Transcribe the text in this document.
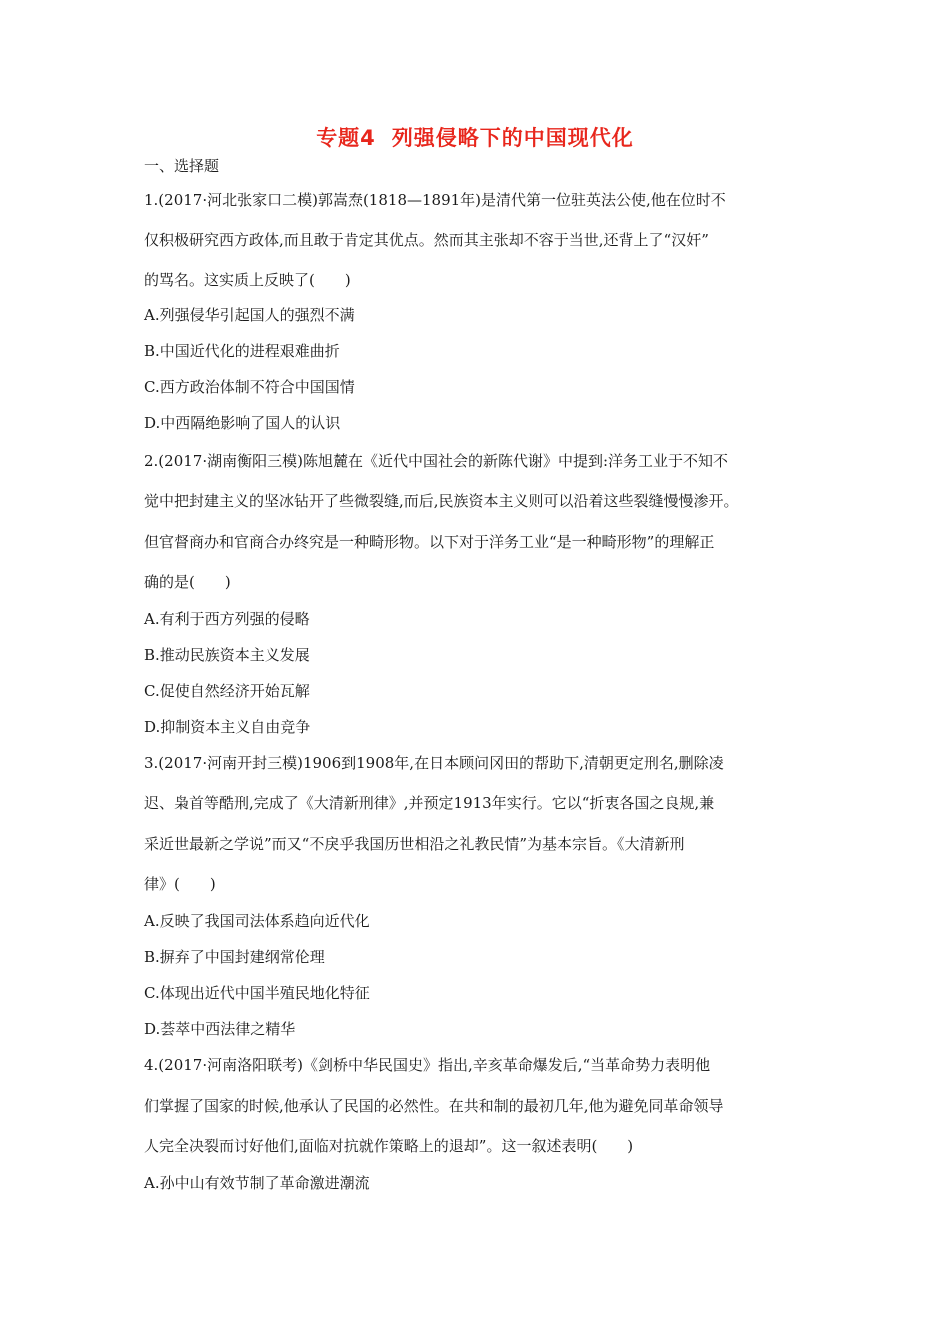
专题4 列强侵略下的中国现代化
一、选择题
1.(2017·河北张家口二模)郭嵩焘(1818—1891年)是清代第一位驻英法公使,他在位时不
仅积极研究西方政体,而且敢于肯定其优点。然而其主张却不容于当世,还背上了“汉奸”
的骂名。这实质上反映了(　　)
A.列强侵华引起国人的强烈不满
B.中国近代化的进程艰难曲折
C.西方政治体制不符合中国国情
D.中西隔绝影响了国人的认识
2.(2017·湖南衡阳三模)陈旭麓在《近代中国社会的新陈代谢》中提到:洋务工业于不知不
觉中把封建主义的坚冰钻开了些微裂缝,而后,民族资本主义则可以沿着这些裂缝慢慢渗开。
但官督商办和官商合办终究是一种畸形物。以下对于洋务工业“是一种畸形物”的理解正
确的是(　　)
A.有利于西方列强的侵略
B.推动民族资本主义发展
C.促使自然经济开始瓦解
D.抑制资本主义自由竞争
3.(2017·河南开封三模)1906到1908年,在日本顾问冈田的帮助下,清朝更定刑名,删除凌
迟、枭首等酷刑,完成了《大清新刑律》,并预定1913年实行。它以“折衷各国之良规,兼
采近世最新之学说”而又“不戾乎我国历世相沿之礼教民情”为基本宗旨。《大清新刑
律》(　　)
A.反映了我国司法体系趋向近代化
B.摒弃了中国封建纲常伦理
C.体现出近代中国半殖民地化特征
D.荟萃中西法律之精华
4.(2017·河南洛阳联考)《剑桥中华民国史》指出,辛亥革命爆发后,“当革命势力表明他
们掌握了国家的时候,他承认了民国的必然性。在共和制的最初几年,他为避免同革命领导
人完全决裂而讨好他们,面临对抗就作策略上的退却”。这一叙述表明(　　)
A.孙中山有效节制了革命激进潮流
